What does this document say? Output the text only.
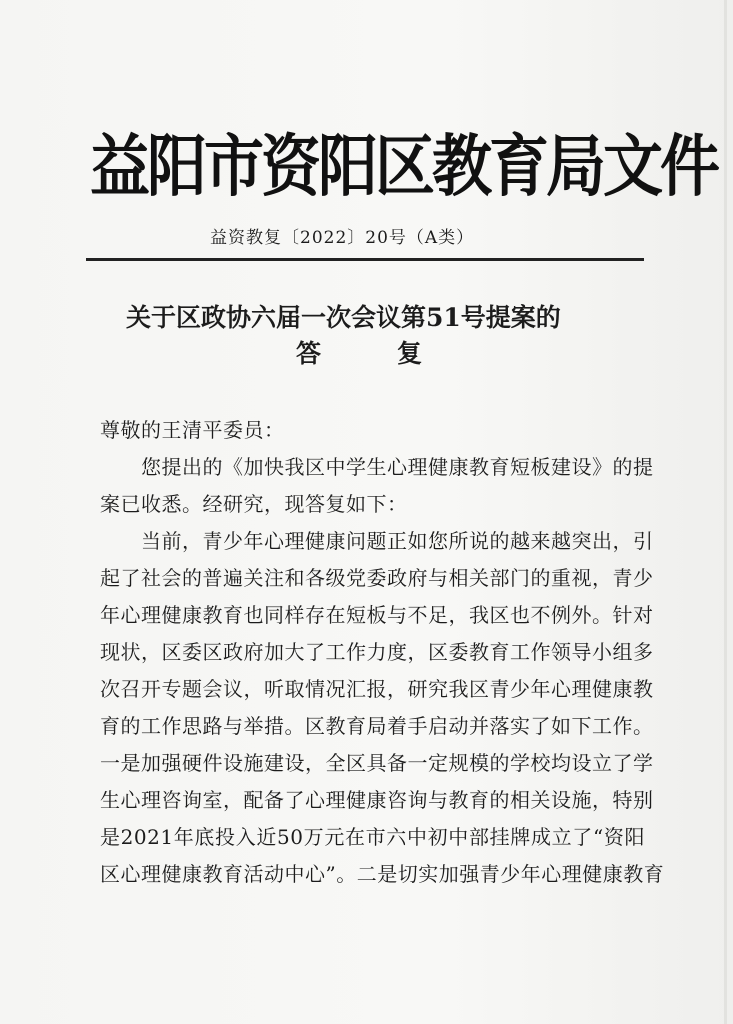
益阳市资阳区教育局文件
益资教复〔2022〕20号（A类）
关于区政协六届一次会议第51号提案的
答复
尊敬的王清平委员：
　　您提出的《加快我区中学生心理健康教育短板建设》的提
案已收悉。经研究，现答复如下：
　　当前，青少年心理健康问题正如您所说的越来越突出，引
起了社会的普遍关注和各级党委政府与相关部门的重视，青少
年心理健康教育也同样存在短板与不足，我区也不例外。针对
现状，区委区政府加大了工作力度，区委教育工作领导小组多
次召开专题会议，听取情况汇报，研究我区青少年心理健康教
育的工作思路与举措。区教育局着手启动并落实了如下工作。
一是加强硬件设施建设，全区具备一定规模的学校均设立了学
生心理咨询室，配备了心理健康咨询与教育的相关设施，特别
是2021年底投入近50万元在市六中初中部挂牌成立了“资阳
区心理健康教育活动中心”。二是切实加强青少年心理健康教育
